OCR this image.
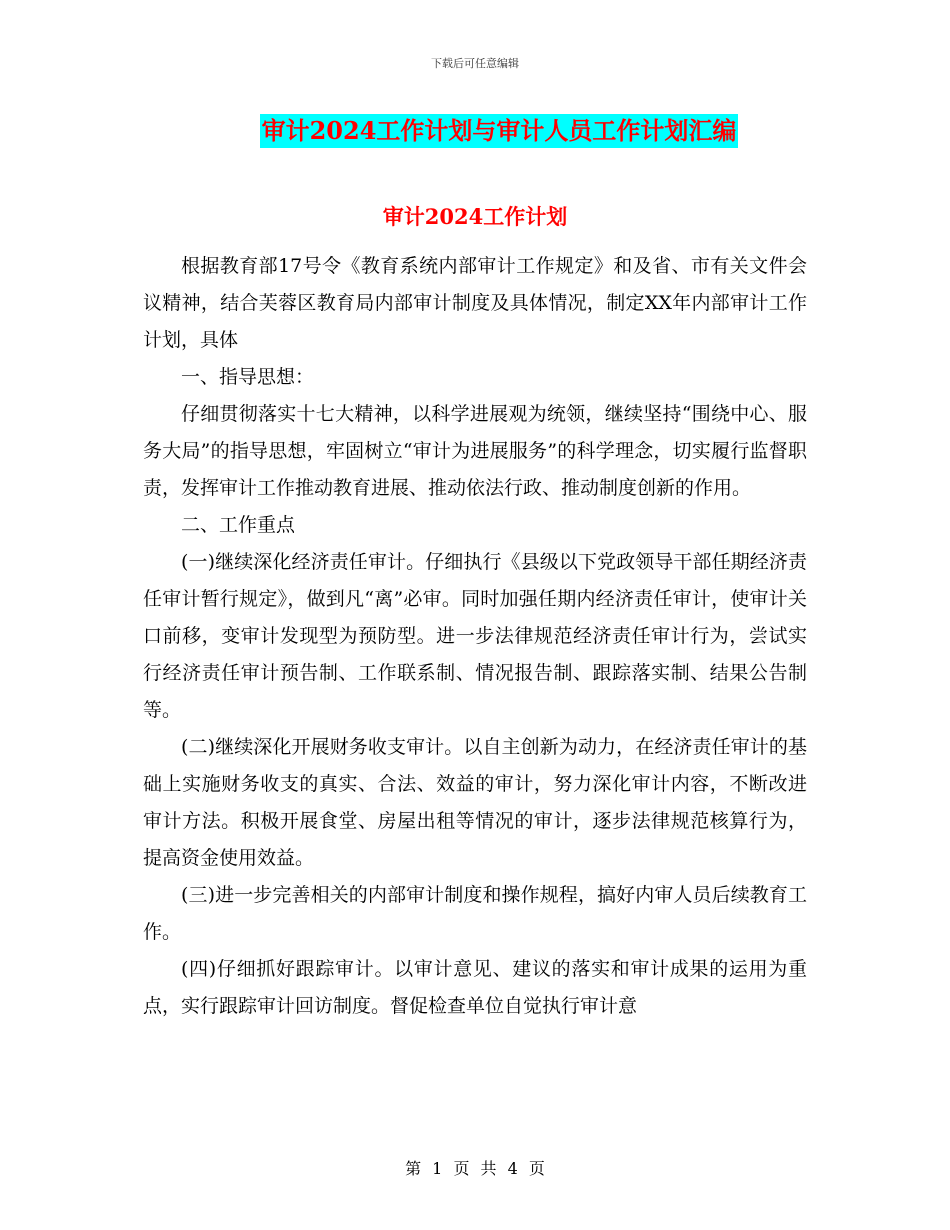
下载后可任意编辑
审计2024工作计划与审计人员工作计划汇编
审计2024工作计划

根据教育部17号令《教育系统内部审计工作规定》和及省、市有关文件会议精神，结合芙蓉区教育局内部审计制度及具体情况，制定XX年内部审计工作计划，具体

一、指导思想：

仔细贯彻落实十七大精神，以科学进展观为统领，继续坚持“围绕中心、服务大局”的指导思想，牢固树立“审计为进展服务”的科学理念，切实履行监督职责，发挥审计工作推动教育进展、推动依法行政、推动制度创新的作用。

二、工作重点

(一)继续深化经济责任审计。仔细执行《县级以下党政领导干部任期经济责任审计暂行规定》，做到凡“离”必审。同时加强任期内经济责任审计，使审计关口前移，变审计发现型为预防型。进一步法律规范经济责任审计行为，尝试实行经济责任审计预告制、工作联系制、情况报告制、跟踪落实制、结果公告制等。

(二)继续深化开展财务收支审计。以自主创新为动力，在经济责任审计的基础上实施财务收支的真实、合法、效益的审计，努力深化审计内容，不断改进审计方法。积极开展食堂、房屋出租等情况的审计，逐步法律规范核算行为，提高资金使用效益。

(三)进一步完善相关的内部审计制度和操作规程，搞好内审人员后续教育工作。

(四)仔细抓好跟踪审计。以审计意见、建议的落实和审计成果的运用为重点，实行跟踪审计回访制度。督促检查单位自觉执行审计意

第 1 页 共 4 页
